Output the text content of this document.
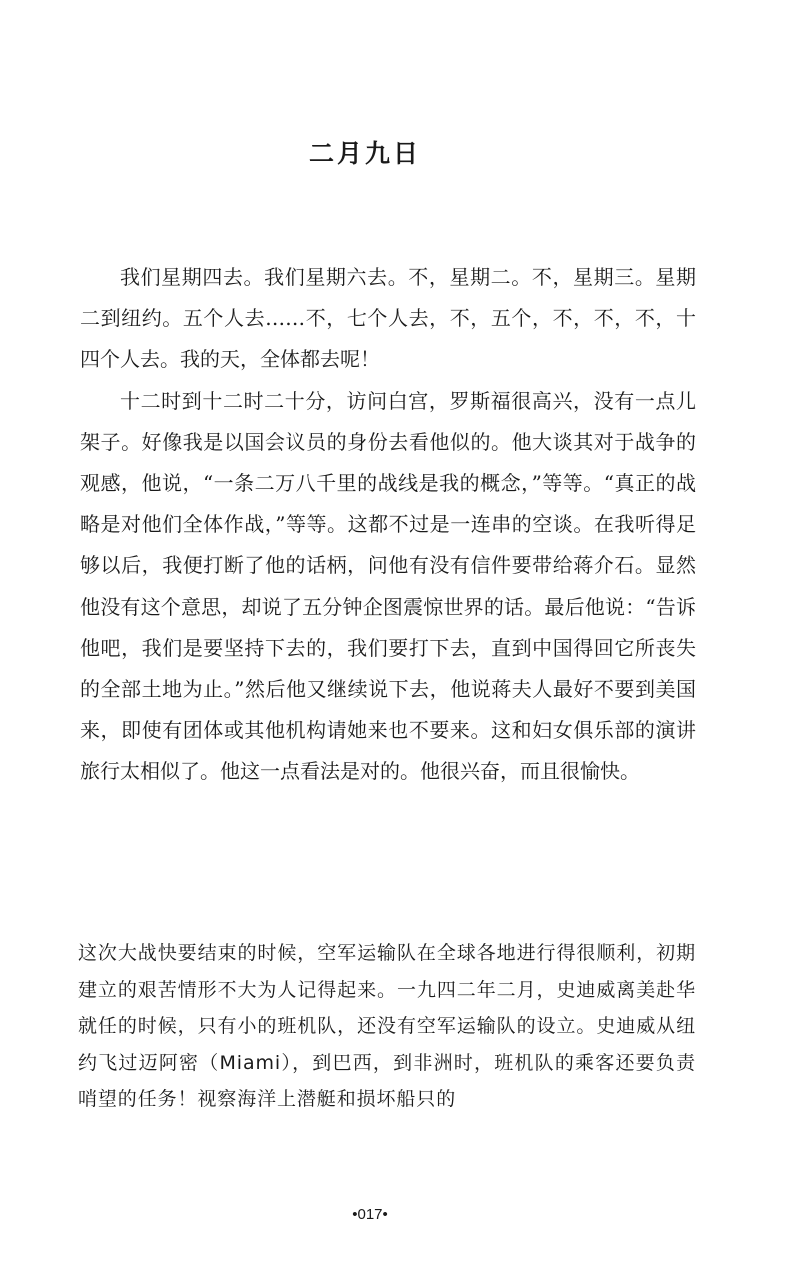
二月九日

我们星期四去。我们星期六去。不，星期二。不，星期三。星期二到纽约。五个人去……不，七个人去，不，五个，不，不，不，十四个人去。我的天，全体都去呢！

十二时到十二时二十分，访问白宫，罗斯福很高兴，没有一点儿架子。好像我是以国会议员的身份去看他似的。他大谈其对于战争的观感，他说，“一条二万八千里的战线是我的概念，”等等。“真正的战略是对他们全体作战，”等等。这都不过是一连串的空谈。在我听得足够以后，我便打断了他的话柄，问他有没有信件要带给蒋介石。显然他没有这个意思，却说了五分钟企图震惊世界的话。最后他说：“告诉他吧，我们是要坚持下去的，我们要打下去，直到中国得回它所丧失的全部土地为止。”然后他又继续说下去，他说蒋夫人最好不要到美国来，即使有团体或其他机构请她来也不要来。这和妇女俱乐部的演讲旅行太相似了。他这一点看法是对的。他很兴奋，而且很愉快。

这次大战快要结束的时候，空军运输队在全球各地进行得很顺利，初期建立的艰苦情形不大为人记得起来。一九四二年二月，史迪威离美赴华就任的时候，只有小的班机队，还没有空军运输队的设立。史迪威从纽约飞过迈阿密（Miami），到巴西，到非洲时，班机队的乘客还要负责哨望的任务！视察海洋上潜艇和损坏船只的

•017•
